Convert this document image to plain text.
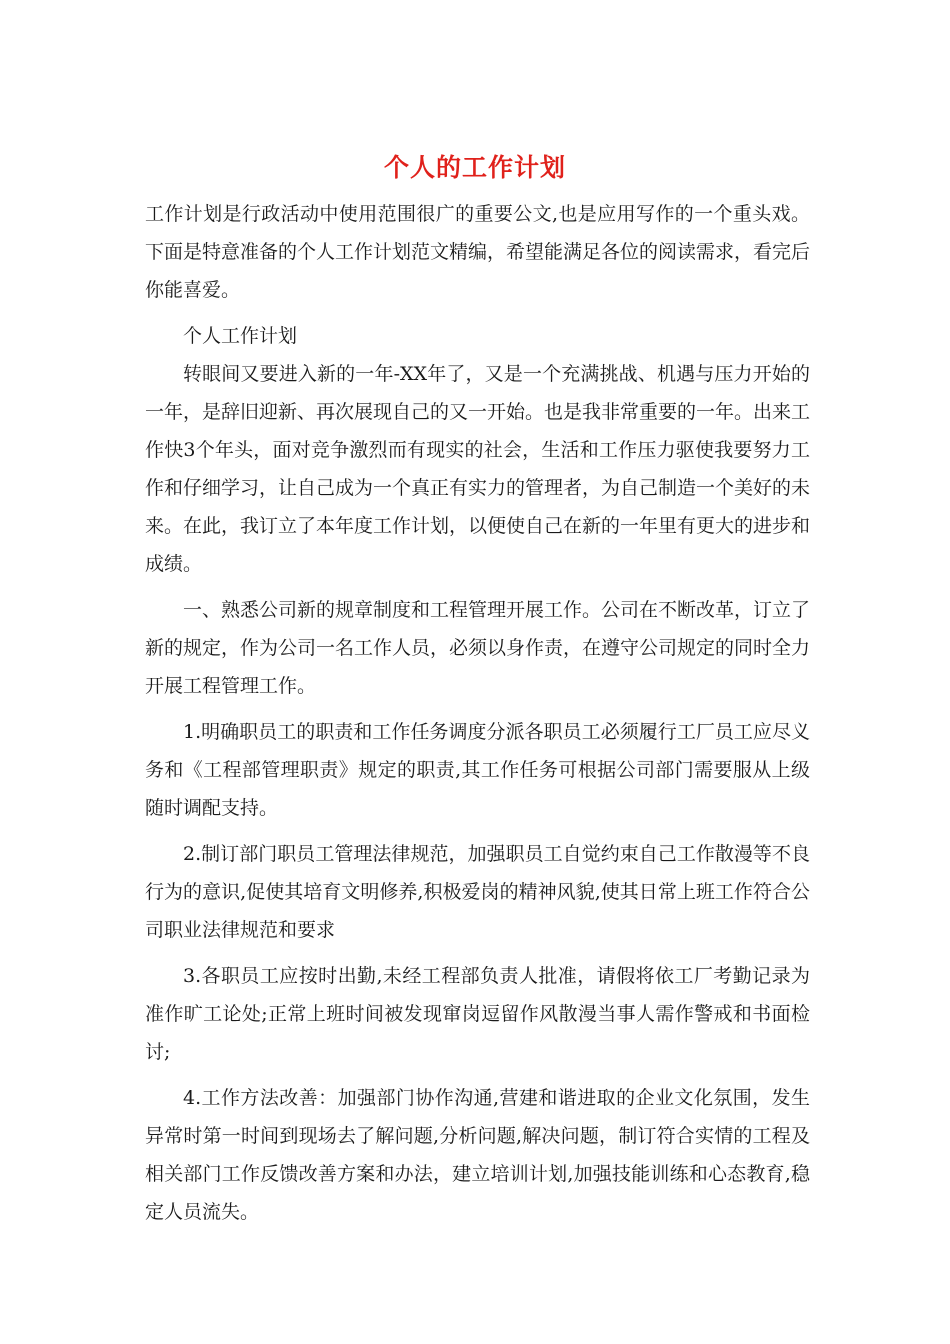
个人的工作计划

工作计划是行政活动中使用范围很广的重要公文,也是应用写作的一个重头戏。下面是特意准备的个人工作计划范文精编，希望能满足各位的阅读需求，看完后你能喜爱。

个人工作计划

转眼间又要进入新的一年-XX年了，又是一个充满挑战、机遇与压力开始的一年，是辞旧迎新、再次展现自己的又一开始。也是我非常重要的一年。出来工作快3个年头，面对竞争激烈而有现实的社会，生活和工作压力驱使我要努力工作和仔细学习，让自己成为一个真正有实力的管理者，为自己制造一个美好的未来。在此，我订立了本年度工作计划，以便使自己在新的一年里有更大的进步和成绩。

一、熟悉公司新的规章制度和工程管理开展工作。公司在不断改革，订立了新的规定，作为公司一名工作人员，必须以身作责，在遵守公司规定的同时全力开展工程管理工作。

1.明确职员工的职责和工作任务调度分派各职员工必须履行工厂员工应尽义务和《工程部管理职责》规定的职责,其工作任务可根据公司部门需要服从上级随时调配支持。

2.制订部门职员工管理法律规范，加强职员工自觉约束自己工作散漫等不良行为的意识,促使其培育文明修养,积极爱岗的精神风貌,使其日常上班工作符合公司职业法律规范和要求

3.各职员工应按时出勤,未经工程部负责人批准，请假将依工厂考勤记录为准作旷工论处;正常上班时间被发现窜岗逗留作风散漫当事人需作警戒和书面检讨;

4.工作方法改善：加强部门协作沟通,营建和谐进取的企业文化氛围，发生异常时第一时间到现场去了解问题,分析问题,解决问题，制订符合实情的工程及相关部门工作反馈改善方案和办法，建立培训计划,加强技能训练和心态教育,稳定人员流失。
